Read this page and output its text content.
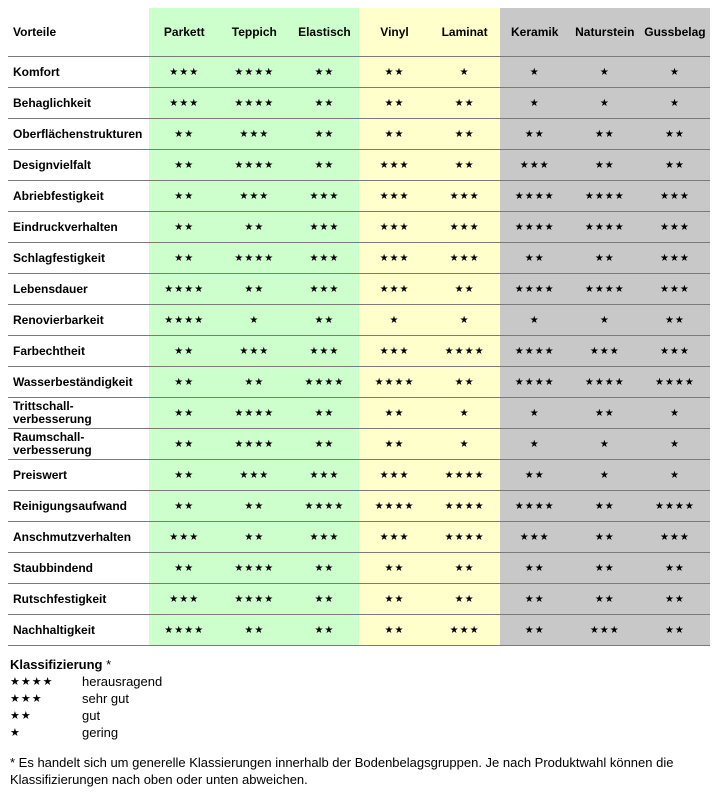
Vorteile	Parkett	Teppich	Elastisch	Vinyl	Laminat	Keramik	Naturstein	Gussbelag
Komfort	★★★	★★★★	★★	★★	★	★	★	★
Behaglichkeit	★★★	★★★★	★★	★★	★★	★	★	★
Oberflächenstrukturen	★★	★★★	★★	★★	★★	★★	★★	★★
Designvielfalt	★★	★★★★	★★	★★★	★★	★★★	★★	★★
Abriebfestigkeit	★★	★★★	★★★	★★★	★★★	★★★★	★★★★	★★★
Eindruckverhalten	★★	★★	★★★	★★★	★★★	★★★★	★★★★	★★★
Schlagfestigkeit	★★	★★★★	★★★	★★★	★★★	★★	★★	★★★
Lebensdauer	★★★★	★★	★★★	★★★	★★	★★★★	★★★★	★★★
Renovierbarkeit	★★★★	★	★★	★	★	★	★	★★
Farbechtheit	★★	★★★	★★★	★★★	★★★★	★★★★	★★★	★★★
Wasserbeständigkeit	★★	★★	★★★★	★★★★	★★	★★★★	★★★★	★★★★
Trittschall-
verbesserung	★★	★★★★	★★	★★	★	★	★★	★
Raumschall-
verbesserung	★★	★★★★	★★	★★	★	★	★	★
Preiswert	★★	★★★	★★★	★★★	★★★★	★★	★	★
Reinigungsaufwand	★★	★★	★★★★	★★★★	★★★★	★★★★	★★	★★★★
Anschmutzverhalten	★★★	★★	★★★	★★★	★★★★	★★★	★★	★★★
Staubbindend	★★	★★★★	★★	★★	★★	★★	★★	★★
Rutschfestigkeit	★★★	★★★★	★★	★★	★★	★★	★★	★★
Nachhaltigkeit	★★★★	★★	★★	★★	★★★	★★	★★★	★★
Klassifizierung *
★★★★	herausragend
★★★	sehr gut
★★	gut
★	gering
* Es handelt sich um generelle Klassierungen innerhalb der Bodenbelagsgruppen. Je nach Produktwahl können die Klassifizierungen nach oben oder unten abweichen.
